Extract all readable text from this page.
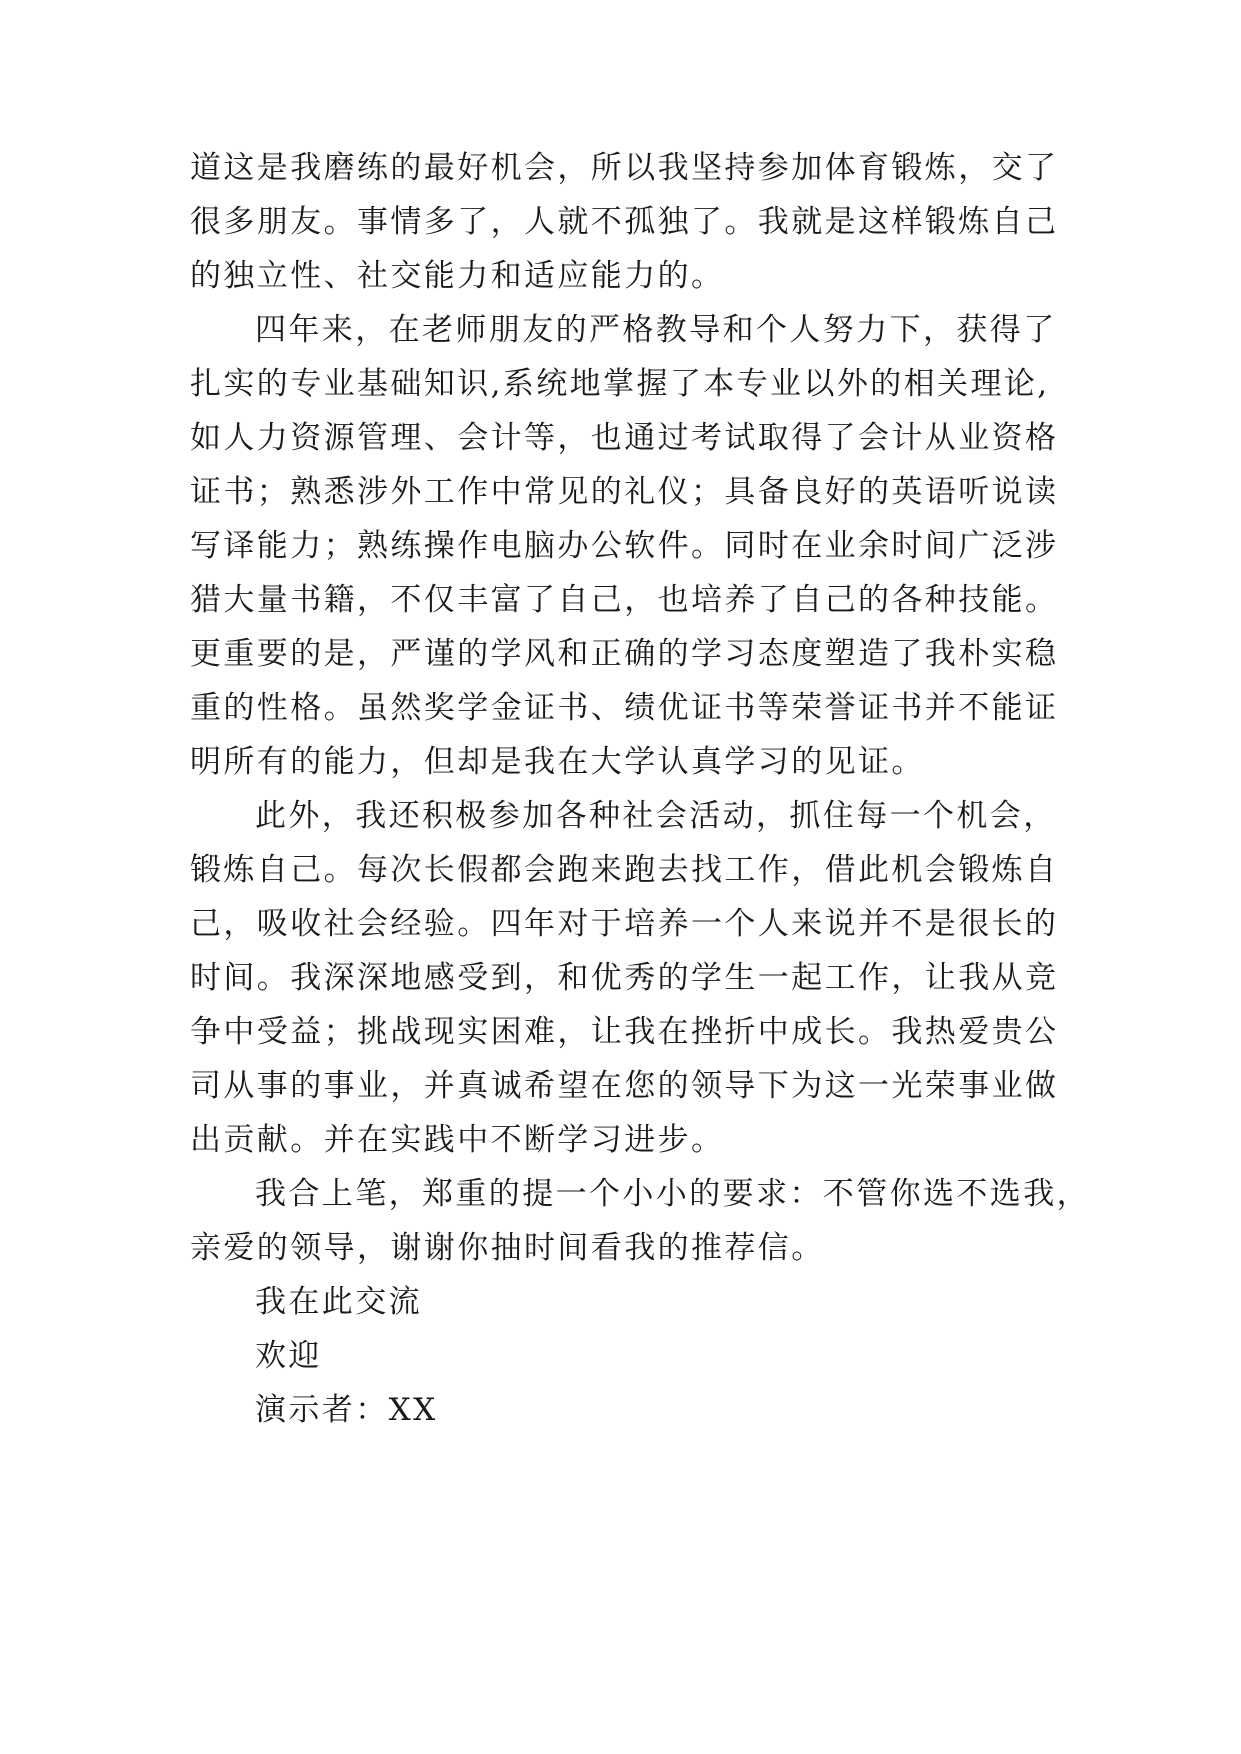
道这是我磨练的最好机会，所以我坚持参加体育锻炼，交了
很多朋友。事情多了，人就不孤独了。我就是这样锻炼自己
的独立性、社交能力和适应能力的。
四年来，在老师朋友的严格教导和个人努力下，获得了
扎实的专业基础知识,系统地掌握了本专业以外的相关理论,
如人力资源管理、会计等，也通过考试取得了会计从业资格
证书；熟悉涉外工作中常见的礼仪；具备良好的英语听说读
写译能力；熟练操作电脑办公软件。同时在业余时间广泛涉
猎大量书籍，不仅丰富了自己，也培养了自己的各种技能。
更重要的是，严谨的学风和正确的学习态度塑造了我朴实稳
重的性格。虽然奖学金证书、绩优证书等荣誉证书并不能证
明所有的能力，但却是我在大学认真学习的见证。
此外，我还积极参加各种社会活动，抓住每一个机会，
锻炼自己。每次长假都会跑来跑去找工作，借此机会锻炼自
己，吸收社会经验。四年对于培养一个人来说并不是很长的
时间。我深深地感受到，和优秀的学生一起工作，让我从竞
争中受益；挑战现实困难，让我在挫折中成长。我热爱贵公
司从事的事业，并真诚希望在您的领导下为这一光荣事业做
出贡献。并在实践中不断学习进步。
我合上笔，郑重的提一个小小的要求：不管你选不选我，
亲爱的领导，谢谢你抽时间看我的推荐信。
我在此交流
欢迎
演示者：XX
